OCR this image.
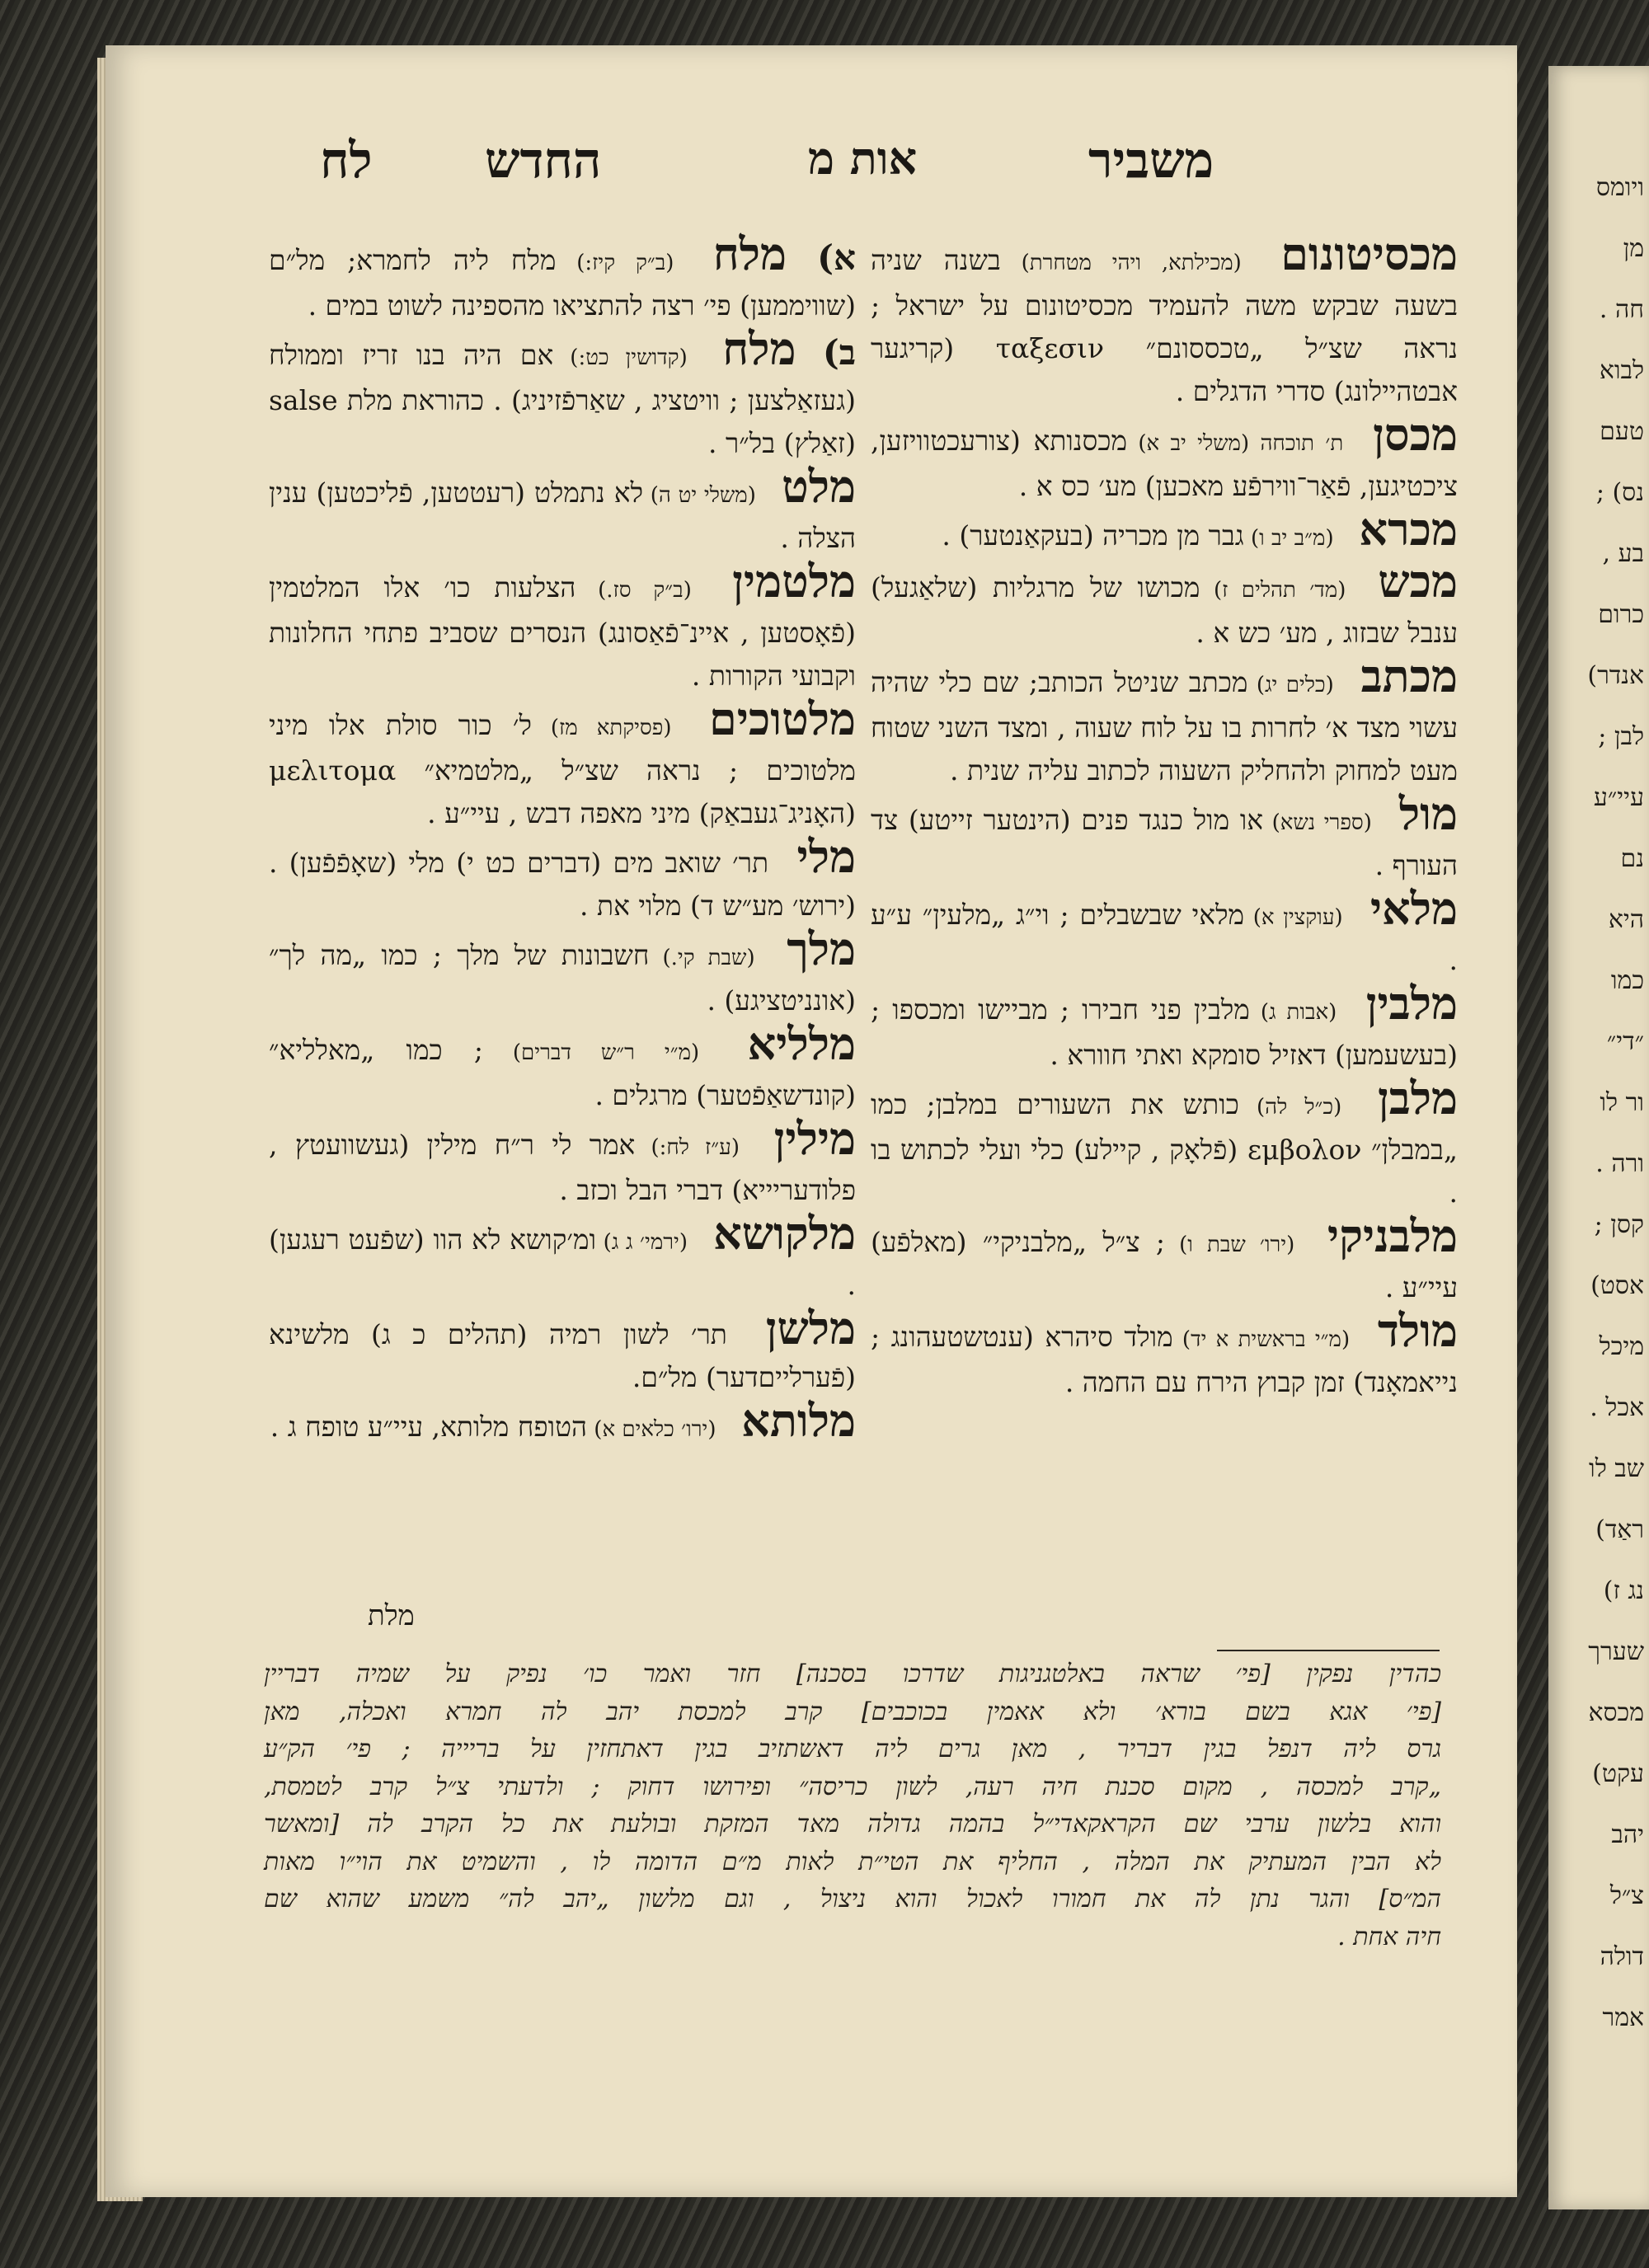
ויומס
מן
חה .
לבוא
טעם
נס) ;
בע ,
כרום
אנדר)
לבן ;
עיי״ע
נם
היא
כמו
״די״
ור לו
ורה .
קסן ;
אסט)
מיכל
אכל .
שב לו
ראַד)
נג ז)
שערך
מכסא
עקט)
יהב
צ״ל
דולה
אמר
לח החדש	אות מ	משביר

מכסיטונום (מכילתא, ויהי מטחרת) בשנה שניה בשעה שבקש משה להעמיד מכסיטונום על ישראל ; נראה שצ״ל „טכססונם״ ταξεσιν (קריגער אבטהיילונג) סדרי הדגלים .

מכסן ת׳ תוכחה (משלי יב א) מכסנותא (צורעכטוויזען, ציכטיגען, פֿאַר־ווירפֿע מאכען) מע׳ כס א .

מכרא (מ״ב יב ו) גבר מן מכריה (בעקאַנטער) .

מכש (מד׳ תהלים ז) מכושו של מרגליות (שלאַגעל) ענבל שבזוג , מע׳ כש א .

מכתב (כלים יג) מכתב שניטל הכותב; שם כלי שהיה עשוי מצד א׳ לחרות בו על לוח שעוה , ומצד השני שטוח מעט למחוק ולהחליק השעוה לכתוב עליה שנית .

מול (ספרי נשא) או מול כנגד פנים (הינטער זייטע) צד העורף .

מלאי (עוקצין א) מלאי שבשבלים ; וי״ג „מלעין״ ע״ע .

מלבין (אבות ג) מלבין פני חבירו ; מביישו ומכספו ; (בעשעמען) דאזיל סומקא ואתי חוורא .

מלבן (כ״ל לה) כותש את השעורים במלבן; כמו „במבלן״ εμβολον (פֿלאָק , קיילע) כלי ועלי לכתוש בו .

מלבניקי (ירו׳ שבת ו) ; צ״ל „מלבניקי״ (מאלפֿע) עיי״ע .

מולד (מ״י בראשית א יד) מולד סיהרא (ענטשטעהונג ; נייאמאָנד) זמן קבוץ הירח עם החמה .

א) מלח (ב״ק קיז:) מלח ליה לחמרא; מל״ם (שוויממען) פי׳ רצה להתציאו מהספינה לשוט במים .

ב) מלח (קדושין כט:) אם היה בנו זריז וממולח (געזאַלצען ; וויטציג , שאַרפֿזיניג) . כהוראת מלת salse (זאַלץ) בל״ר .

מלט (משלי יט ה) לא נתמלט (רעטטען, פֿליכטען) ענין הצלה .

מלטמין (ב״ק סז.) הצלעות כו׳ אלו המלטמין (פֿאָסטען , איינ־פֿאַסונג) הנסרים שסביב פתחי החלונות וקבועי הקורות .

מלטוכים (פסיקתא מז) ל׳ כור סולת אלו מיני מלטוכים ; נראה שצ״ל „מלטמיא״ μελιτομα (האָניג־געבאַק) מיני מאפה דבש , עיי״ע .

מלי תר׳ שואב מים (דברים כט י) מלי (שאָפֿפֿען) . (ירוש׳ מע״ש ד) מלוי את .

מלך (שבת קי.) חשבונות של מלך ; כמו „מה לך״ (אונניטציגע) .

מלליא (מ״י ר״ש דברים) ; כמו „מאלליא״ (קונדשאַפֿטער) מרגלים .

מילין (ע״ז לח:) אמר לי ר״ח מילין (געשוועטץ , פלודעריייא) דברי הבל וכזב .

מלקושא (ירמי׳ ג ג) ומ׳קושא לא הוו (שפֿעט רעגען) .

מלשן תר׳ לשון רמיה (תהלים כ ג) מלשינא (פֿערלייםדער) מל״ם.

מלותא (ירו׳ כלאים א) הטופח מלותא, עיי״ע טופח ג .

מלת

כהדין נפקין [פי׳ שראה באלטגניגות שדרכו בסכנה] חזר ואמר כו׳ נפיק על שמיה דבריין

[פי׳ אגא בשם בורא׳ ולא אאמין בכוכבים] קרב למכסת יהב לה חמרא ואכלה, מאן

גרס ליה דנפל בגין דבריר , מאן גרים ליה דאשתזיב בגין דאתחזין על בריייה ; פי׳ הק״ע

„קרב למכסה , מקום סכנת חיה רעה, לשון כריסה״ ופירושו דחוק ; ולדעתי צ״ל קרב לטמסת,

והוא בלשון ערבי שם הקראקאדי״ל בהמה גדולה מאד המזקת ובולעת את כל הקרב לה [ומאשר

לא הבין המעתיק את המלה , החליף את הטי״ת לאות מ״ם הדומה לו , והשמיט את הוי״ו מאות

המ״ס] והגר נתן לה את חמורו לאכול והוא ניצול , וגם מלשון „יהב לה״ משמע שהוא שם

חיה אחת .
